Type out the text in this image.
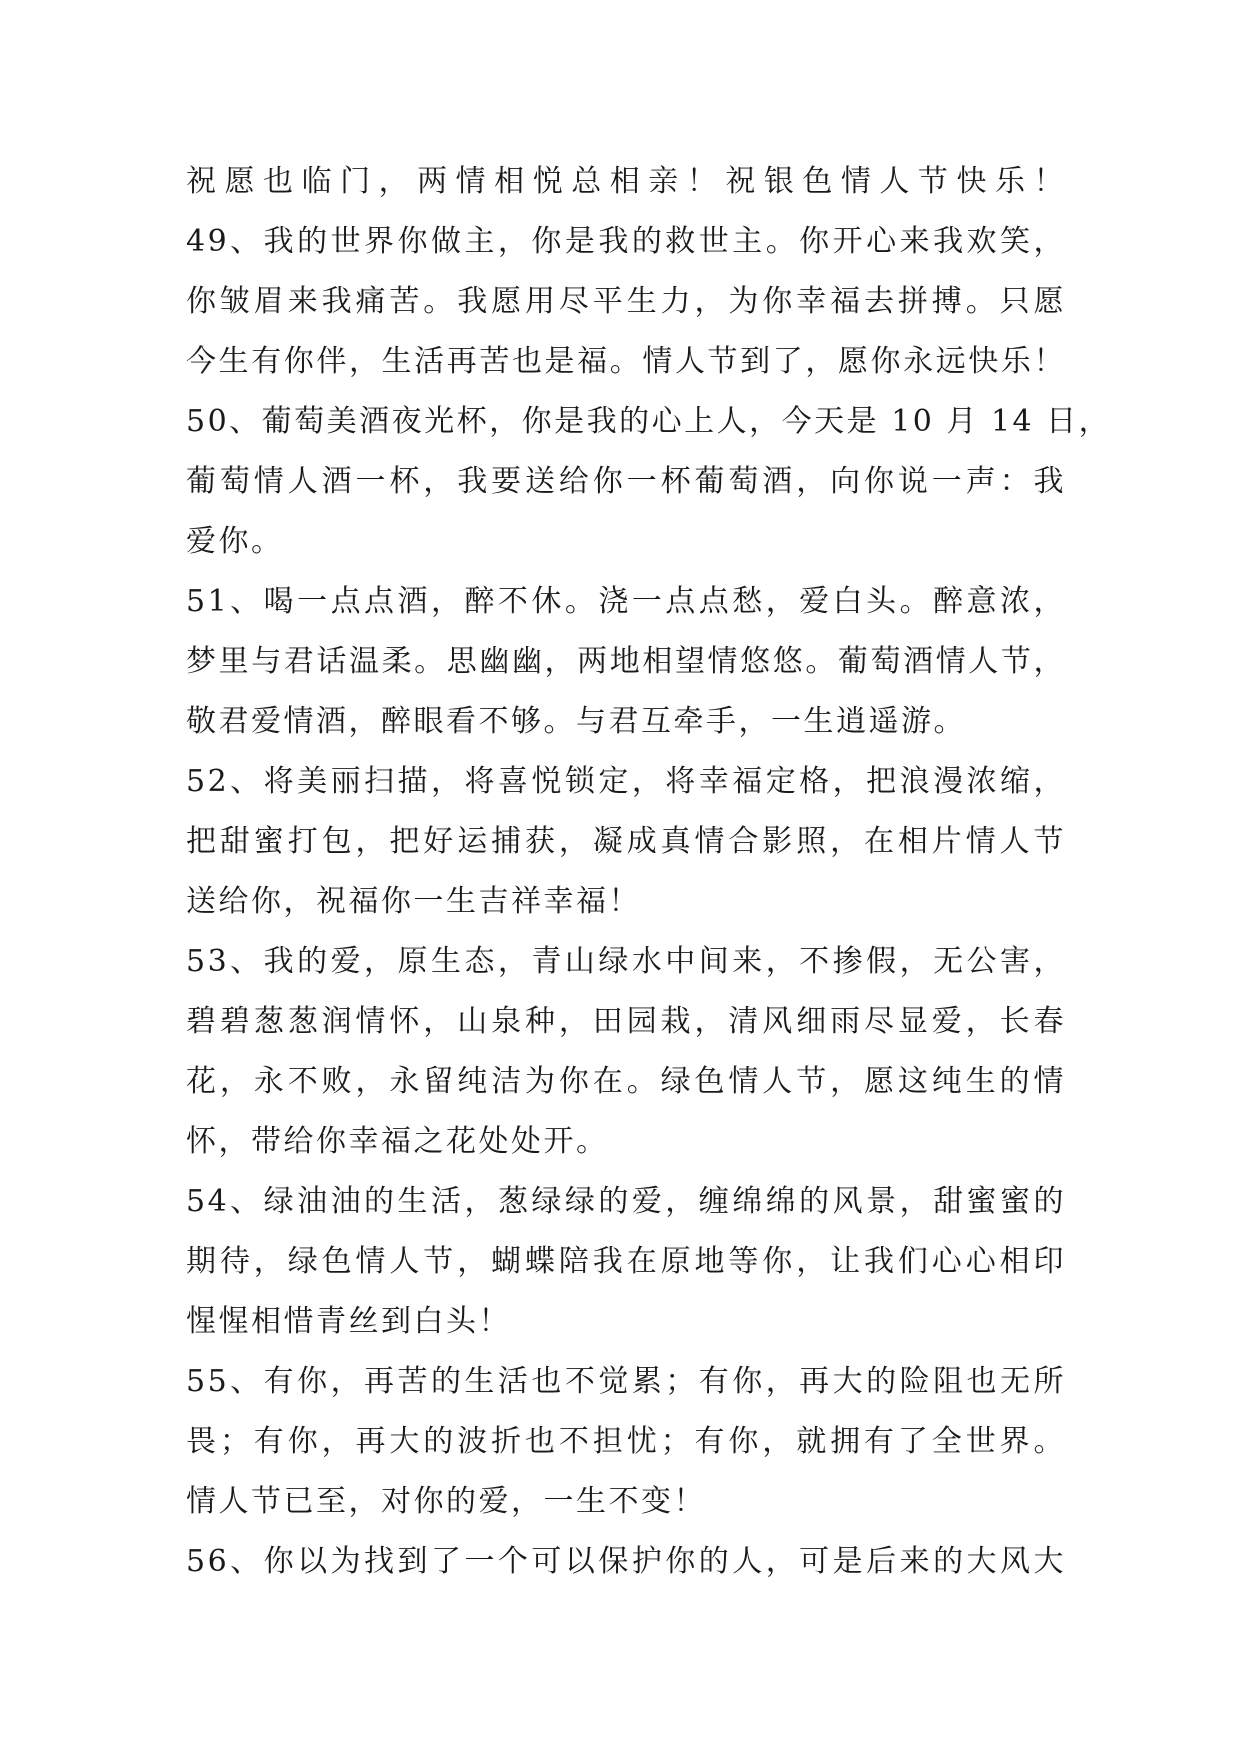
祝愿也临门，两情相悦总相亲！祝银色情人节快乐！
49、我的世界你做主，你是我的救世主。你开心来我欢笑，
你皱眉来我痛苦。我愿用尽平生力，为你幸福去拼搏。只愿
今生有你伴，生活再苦也是福。情人节到了，愿你永远快乐！
50、葡萄美酒夜光杯，你是我的心上人，今天是 10 月 14 日，
葡萄情人酒一杯，我要送给你一杯葡萄酒，向你说一声：我
爱你。
51、喝一点点酒，醉不休。浇一点点愁，爱白头。醉意浓，
梦里与君话温柔。思幽幽，两地相望情悠悠。葡萄酒情人节，
敬君爱情酒，醉眼看不够。与君互牵手，一生逍遥游。
52、将美丽扫描，将喜悦锁定，将幸福定格，把浪漫浓缩，
把甜蜜打包，把好运捕获，凝成真情合影照，在相片情人节
送给你，祝福你一生吉祥幸福！
53、我的爱，原生态，青山绿水中间来，不掺假，无公害，
碧碧葱葱润情怀，山泉种，田园栽，清风细雨尽显爱，长春
花，永不败，永留纯洁为你在。绿色情人节，愿这纯生的情
怀，带给你幸福之花处处开。
54、绿油油的生活，葱绿绿的爱，缠绵绵的风景，甜蜜蜜的
期待，绿色情人节，蝴蝶陪我在原地等你，让我们心心相印
惺惺相惜青丝到白头！
55、有你，再苦的生活也不觉累；有你，再大的险阻也无所
畏；有你，再大的波折也不担忧；有你，就拥有了全世界。
情人节已至，对你的爱，一生不变！
56、你以为找到了一个可以保护你的人，可是后来的大风大
